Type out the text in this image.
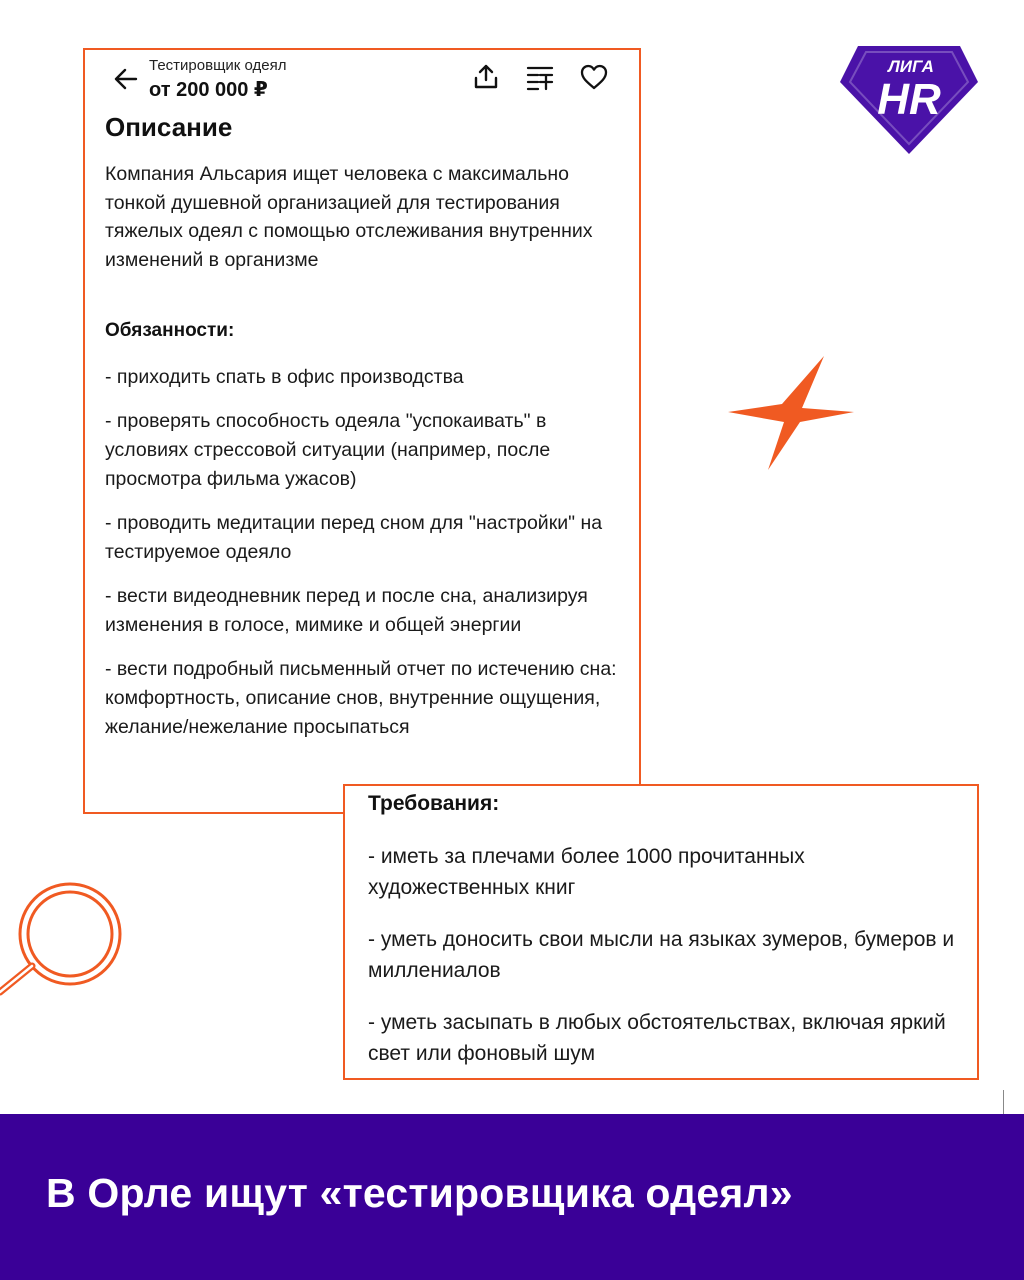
Тестировщик одеял
от 200 000 ₽
Описание

Компания Альсария ищет человека с максимально тонкой душевной организацией для тестирования тяжелых одеял с помощью отслеживания внутренних изменений в организме

Обязанности:
- приходить спать в офис производства
- проверять способность одеяла "успокаивать" в условиях стрессовой ситуации (например, после просмотра фильма ужасов)
- проводить медитации перед сном для "настройки" на тестируемое одеяло
- вести видеодневник перед и после сна, анализируя изменения в голосе, мимике и общей энергии
- вести подробный письменный отчет по истечению сна: комфортность, описание снов, внутренние ощущения, желание/нежелание просыпаться
Требования:
- иметь за плечами более 1000 прочитанных художественных книг
- уметь доносить свои мысли на языках зумеров, бумеров и миллениалов
- уметь засыпать в любых обстоятельствах, включая яркий свет или фоновый шум
ЛИГА
HR
В Орле ищут «тестировщика одеял»
